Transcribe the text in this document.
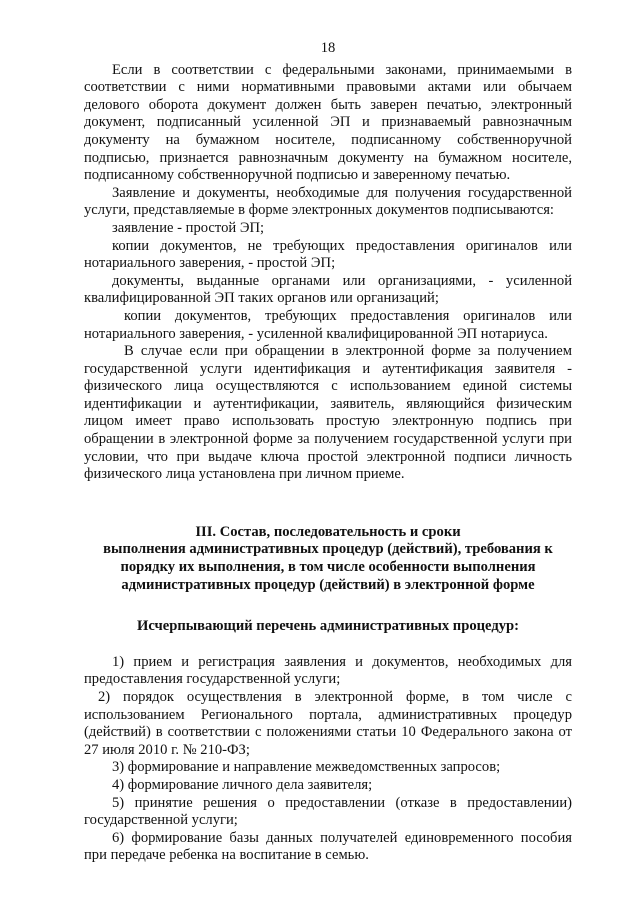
18

Если в соответствии с федеральными законами, принимаемыми в соответствии с ними нормативными правовыми актами или обычаем делового оборота документ должен быть заверен печатью, электронный документ, подписанный усиленной ЭП и признаваемый равнозначным документу на бумажном носителе, подписанному собственноручной подписью, признается равнозначным документу на бумажном носителе, подписанному собственноручной подписью и заверенному печатью.

Заявление и документы, необходимые для получения государственной услуги, представляемые в форме электронных документов подписываются:

заявление - простой ЭП;

копии документов, не требующих предоставления оригиналов или нотариального заверения, - простой ЭП;

документы, выданные органами или организациями, - усиленной квалифицированной ЭП таких органов или организаций;

копии документов, требующих предоставления оригиналов или нотариального заверения, - усиленной квалифицированной ЭП нотариуса.

В случае если при обращении в электронной форме за получением государственной услуги идентификация и аутентификация заявителя - физического лица осуществляются с использованием единой системы идентификации и аутентификации, заявитель, являющийся физическим лицом имеет право использовать простую электронную подпись при обращении в электронной форме за получением государственной услуги при условии, что при выдаче ключа простой электронной подписи личность физического лица установлена при личном приеме.

III. Состав, последовательность и сроки
выполнения административных процедур (действий), требования к
порядку их выполнения, в том числе особенности выполнения
административных процедур (действий) в электронной форме
Исчерпывающий перечень административных процедур:

1) прием и регистрация заявления и документов, необходимых для предоставления государственной услуги;

2) порядок осуществления в электронной форме, в том числе с использованием Регионального портала, административных процедур (действий) в соответствии с положениями статьи 10 Федерального закона от 27 июля 2010 г. № 210-ФЗ;

3) формирование и направление межведомственных запросов;

4) формирование личного дела заявителя;

5) принятие решения о предоставлении (отказе в предоставлении) государственной услуги;

6) формирование базы данных получателей единовременного пособия при передаче ребенка на воспитание в семью.
